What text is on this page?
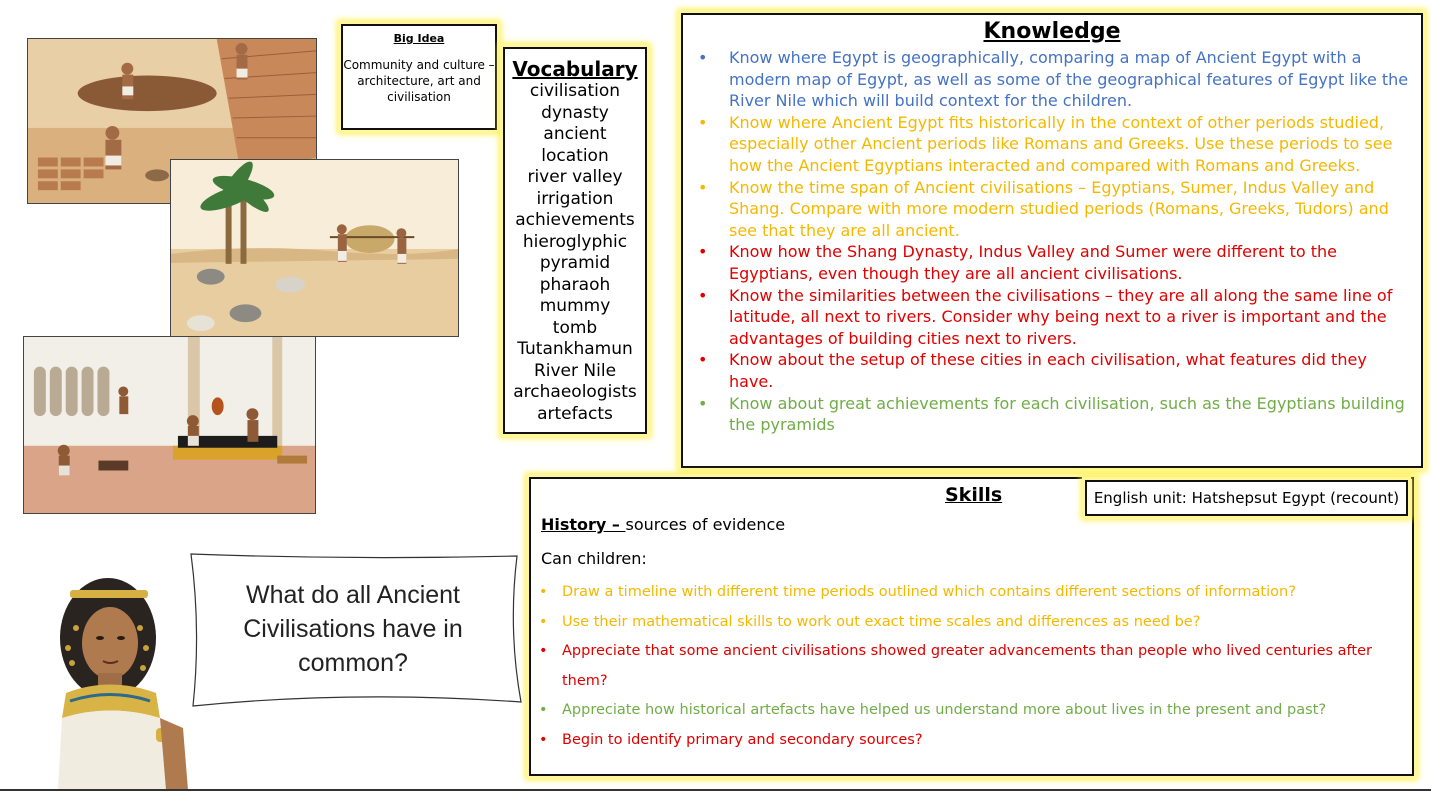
Big Idea
Community and culture – architecture, art and civilisation
Vocabulary
civilisation
dynasty
ancient
location
river valley
irrigation
achievements
hieroglyphic
pyramid
pharaoh
mummy
tomb
Tutankhamun
River Nile
archaeologists
artefacts
Knowledge
• Know where Egypt is geographically, comparing a map of Ancient Egypt with a modern map of Egypt, as well as some of the geographical features of Egypt like the River Nile which will build context for the children.
• Know where Ancient Egypt fits historically in the context of other periods studied, especially other Ancient periods like Romans and Greeks. Use these periods to see how the Ancient Egyptians interacted and compared with Romans and Greeks.
• Know the time span of Ancient civilisations – Egyptians, Sumer, Indus Valley and Shang. Compare with more modern studied periods (Romans, Greeks, Tudors) and see that they are all ancient.
• Know how the Shang Dynasty, Indus Valley and Sumer were different to the Egyptians, even though they are all ancient civilisations.
• Know the similarities between the civilisations – they are all along the same line of latitude, all next to rivers. Consider why being next to a river is important and the advantages of building cities next to rivers.
• Know about the setup of these cities in each civilisation, what features did they have.
• Know about great achievements for each civilisation, such as the Egyptians building the pyramids
Skills
History – sources of evidence
Can children:
• Draw a timeline with different time periods outlined which contains different sections of information?
• Use their mathematical skills to work out exact time scales and differences as need be?
• Appreciate that some ancient civilisations showed greater advancements than people who lived centuries after them?
• Appreciate how historical artefacts have helped us understand more about lives in the present and past?
• Begin to identify primary and secondary sources?
English unit: Hatshepsut Egypt (recount)
What do all Ancient Civilisations have in common?
